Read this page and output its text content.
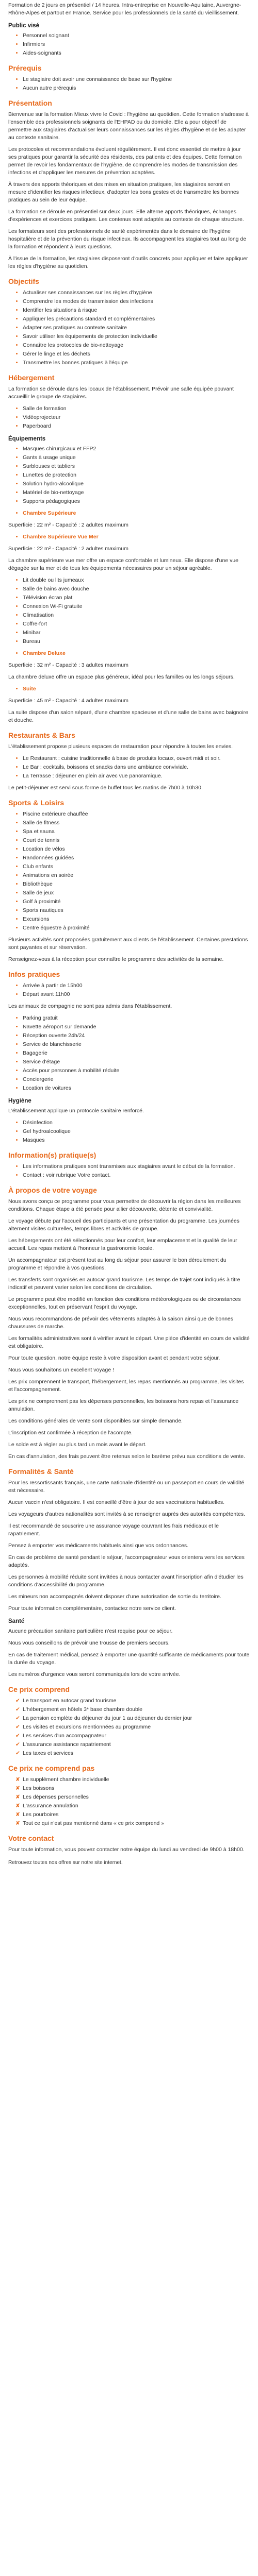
Formation de 2 jours en présentiel / 14 heures. Intra-entreprise en Nouvelle-Aquitaine, Auvergne-Rhône-Alpes et partout en France. Service pour les professionnels de la santé du vieillissement.

Public visé
• Personnel soignant
• Infirmiers
• Aides-soignants
Prérequis
• Le stagiaire doit avoir une connaissance de base sur l'hygiène
• Aucun autre prérequis
Présentation

Bienvenue sur la formation Mieux vivre le Covid : l'hygiène au quotidien. Cette formation s'adresse à l'ensemble des professionnels soignants de l'EHPAD ou du domicile. Elle a pour objectif de permettre aux stagiaires d'actualiser leurs connaissances sur les règles d'hygiène et de les adapter au contexte sanitaire.

Les protocoles et recommandations évoluent régulièrement. Il est donc essentiel de mettre à jour ses pratiques pour garantir la sécurité des résidents, des patients et des équipes. Cette formation permet de revoir les fondamentaux de l'hygiène, de comprendre les modes de transmission des infections et d'appliquer les mesures de prévention adaptées.

À travers des apports théoriques et des mises en situation pratiques, les stagiaires seront en mesure d'identifier les risques infectieux, d'adopter les bons gestes et de transmettre les bonnes pratiques au sein de leur équipe.

La formation se déroule en présentiel sur deux jours. Elle alterne apports théoriques, échanges d'expériences et exercices pratiques. Les contenus sont adaptés au contexte de chaque structure.

Les formateurs sont des professionnels de santé expérimentés dans le domaine de l'hygiène hospitalière et de la prévention du risque infectieux. Ils accompagnent les stagiaires tout au long de la formation et répondent à leurs questions.

À l'issue de la formation, les stagiaires disposeront d'outils concrets pour appliquer et faire appliquer les règles d'hygiène au quotidien.

Objectifs
• Actualiser ses connaissances sur les règles d'hygiène
• Comprendre les modes de transmission des infections
• Identifier les situations à risque
• Appliquer les précautions standard et complémentaires
• Adapter ses pratiques au contexte sanitaire
• Savoir utiliser les équipements de protection individuelle
• Connaître les protocoles de bio-nettoyage
• Gérer le linge et les déchets
• Transmettre les bonnes pratiques à l'équipe
Hébergement

La formation se déroule dans les locaux de l'établissement. Prévoir une salle équipée pouvant accueillir le groupe de stagiaires.

• Salle de formation
• Vidéoprojecteur
• Paperboard
Équipements
• Masques chirurgicaux et FFP2
• Gants à usage unique
• Surblouses et tabliers
• Lunettes de protection
• Solution hydro-alcoolique
• Matériel de bio-nettoyage
• Supports pédagogiques
• Chambre Supérieure

Superficie : 22 m² - Capacité : 2 adultes maximum

• Chambre Supérieure Vue Mer

Superficie : 22 m² - Capacité : 2 adultes maximum

La chambre supérieure vue mer offre un espace confortable et lumineux. Elle dispose d'une vue dégagée sur la mer et de tous les équipements nécessaires pour un séjour agréable.

• Lit double ou lits jumeaux
• Salle de bains avec douche
• Télévision écran plat
• Connexion Wi-Fi gratuite
• Climatisation
• Coffre-fort
• Minibar
• Bureau
• Chambre Deluxe

Superficie : 32 m² - Capacité : 3 adultes maximum

La chambre deluxe offre un espace plus généreux, idéal pour les familles ou les longs séjours.

• Suite

Superficie : 45 m² - Capacité : 4 adultes maximum

La suite dispose d'un salon séparé, d'une chambre spacieuse et d'une salle de bains avec baignoire et douche.

Restaurants & Bars

L'établissement propose plusieurs espaces de restauration pour répondre à toutes les envies.

• Le Restaurant : cuisine traditionnelle à base de produits locaux, ouvert midi et soir.
• Le Bar : cocktails, boissons et snacks dans une ambiance conviviale.
• La Terrasse : déjeuner en plein air avec vue panoramique.

Le petit-déjeuner est servi sous forme de buffet tous les matins de 7h00 à 10h30.

Sports & Loisirs
• Piscine extérieure chauffée
• Salle de fitness
• Spa et sauna
• Court de tennis
• Location de vélos
• Randonnées guidées
• Club enfants
• Animations en soirée
• Bibliothèque
• Salle de jeux
• Golf à proximité
• Sports nautiques
• Excursions
• Centre équestre à proximité

Plusieurs activités sont proposées gratuitement aux clients de l'établissement. Certaines prestations sont payantes et sur réservation.

Renseignez-vous à la réception pour connaître le programme des activités de la semaine.

Infos pratiques
• Arrivée à partir de 15h00
• Départ avant 11h00

Les animaux de compagnie ne sont pas admis dans l'établissement.

• Parking gratuit
• Navette aéroport sur demande
• Réception ouverte 24h/24
• Service de blanchisserie
• Bagagerie
• Service d'étage
• Accès pour personnes à mobilité réduite
• Conciergerie
• Location de voitures
Hygiène

L'établissement applique un protocole sanitaire renforcé.

• Désinfection
• Gel hydroalcoolique
• Masques
Information(s) pratique(s)
• Les informations pratiques sont transmises aux stagiaires avant le début de la formation.
• Contact : voir rubrique Votre contact.
À propos de votre voyage

Nous avons conçu ce programme pour vous permettre de découvrir la région dans les meilleures conditions. Chaque étape a été pensée pour allier découverte, détente et convivialité.

Le voyage débute par l'accueil des participants et une présentation du programme. Les journées alternent visites culturelles, temps libres et activités de groupe.

Les hébergements ont été sélectionnés pour leur confort, leur emplacement et la qualité de leur accueil. Les repas mettent à l'honneur la gastronomie locale.

Un accompagnateur est présent tout au long du séjour pour assurer le bon déroulement du programme et répondre à vos questions.

Les transferts sont organisés en autocar grand tourisme. Les temps de trajet sont indiqués à titre indicatif et peuvent varier selon les conditions de circulation.

Le programme peut être modifié en fonction des conditions météorologiques ou de circonstances exceptionnelles, tout en préservant l'esprit du voyage.

Nous vous recommandons de prévoir des vêtements adaptés à la saison ainsi que de bonnes chaussures de marche.

Les formalités administratives sont à vérifier avant le départ. Une pièce d'identité en cours de validité est obligatoire.

Pour toute question, notre équipe reste à votre disposition avant et pendant votre séjour.

Nous vous souhaitons un excellent voyage !

Les prix comprennent le transport, l'hébergement, les repas mentionnés au programme, les visites et l'accompagnement.

Les prix ne comprennent pas les dépenses personnelles, les boissons hors repas et l'assurance annulation.

Les conditions générales de vente sont disponibles sur simple demande.

L'inscription est confirmée à réception de l'acompte.

Le solde est à régler au plus tard un mois avant le départ.

En cas d'annulation, des frais peuvent être retenus selon le barème prévu aux conditions de vente.

Formalités & Santé

Pour les ressortissants français, une carte nationale d'identité ou un passeport en cours de validité est nécessaire.

Aucun vaccin n'est obligatoire. Il est conseillé d'être à jour de ses vaccinations habituelles.

Les voyageurs d'autres nationalités sont invités à se renseigner auprès des autorités compétentes.

Il est recommandé de souscrire une assurance voyage couvrant les frais médicaux et le rapatriement.

Pensez à emporter vos médicaments habituels ainsi que vos ordonnances.

En cas de problème de santé pendant le séjour, l'accompagnateur vous orientera vers les services adaptés.

Les personnes à mobilité réduite sont invitées à nous contacter avant l'inscription afin d'étudier les conditions d'accessibilité du programme.

Les mineurs non accompagnés doivent disposer d'une autorisation de sortie du territoire.

Pour toute information complémentaire, contactez notre service client.

Santé

Aucune précaution sanitaire particulière n'est requise pour ce séjour.

Nous vous conseillons de prévoir une trousse de premiers secours.

En cas de traitement médical, pensez à emporter une quantité suffisante de médicaments pour toute la durée du voyage.

Les numéros d'urgence vous seront communiqués lors de votre arrivée.

Ce prix comprend
✔ Le transport en autocar grand tourisme
✔ L'hébergement en hôtels 3* base chambre double
✔ La pension complète du déjeuner du jour 1 au déjeuner du dernier jour
✔ Les visites et excursions mentionnées au programme
✔ Les services d'un accompagnateur
✔ L'assurance assistance rapatriement
✔ Les taxes et services
Ce prix ne comprend pas
✘ Le supplément chambre individuelle
✘ Les boissons
✘ Les dépenses personnelles
✘ L'assurance annulation
✘ Les pourboires
✘ Tout ce qui n'est pas mentionné dans « ce prix comprend »
Votre contact

Pour toute information, vous pouvez contacter notre équipe du lundi au vendredi de 9h00 à 18h00.

Retrouvez toutes nos offres sur notre site internet.
